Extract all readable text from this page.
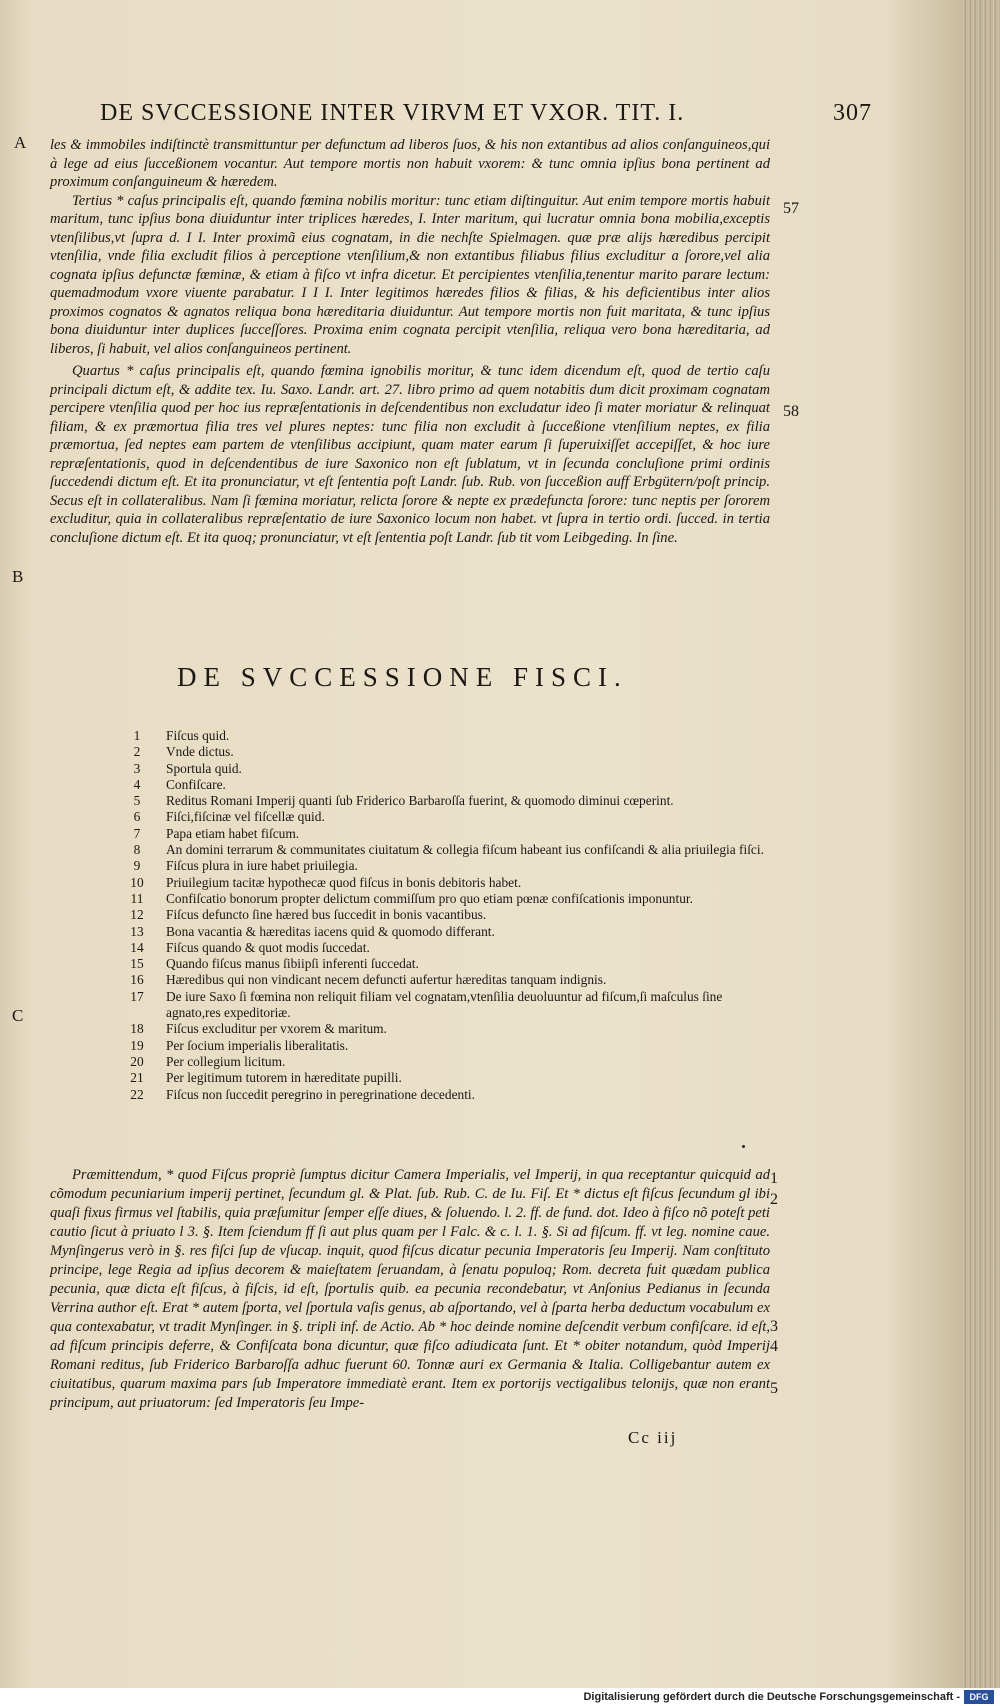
DE SVCCESSIONE INTER VIRVM ET VXOR. TIT. I.	307
A
B
C
57
58

les & immobiles indiſtinctè transmittuntur per defunctum ad liberos ſuos, & his non extantibus ad alios conſanguineos,qui à lege ad eius ſucceßionem vocantur. Aut tempore mortis non habuit vxorem: & tunc omnia ipſius bona pertinent ad proximum conſanguineum & hæredem.

Tertius * caſus principalis eſt, quando fœmina nobilis moritur: tunc etiam diſtinguitur. Aut enim tempore mortis habuit maritum, tunc ipſius bona diuiduntur inter triplices hæredes, I. Inter maritum, qui lucratur omnia bona mobilia,exceptis vtenſilibus,vt ſupra d. I I. Inter proximã eius cognatam, in die nechſte Spielmagen. quæ præ alijs hæredibus percipit vtenſilia, vnde filia excludit filios à perceptione vtenſilium,& non extantibus filiabus filius excluditur a ſorore,vel alia cognata ipſius defunctæ fœminæ, & etiam à fiſco vt infra dicetur. Et percipientes vtenſilia,tenentur marito parare lectum: quemadmodum vxore viuente parabatur. I I I. Inter legitimos hæredes filios & filias, & his deficientibus inter alios proximos cognatos & agnatos reliqua bona hæreditaria diuiduntur. Aut tempore mortis non fuit maritata, & tunc ipſius bona diuiduntur inter duplices ſucceſſores. Proxima enim cognata percipit vtenſilia, reliqua vero bona hæreditaria, ad liberos, ſi habuit, vel alios conſanguineos pertinent.

Quartus * caſus principalis eſt, quando fœmina ignobilis moritur, & tunc idem dicendum eſt, quod de tertio caſu principali dictum eſt, & addite tex. Iu. Saxo. Landr. art. 27. libro primo ad quem notabitis dum dicit proximam cognatam percipere vtenſilia quod per hoc ius repræſentationis in deſcendentibus non excludatur ideo ſi mater moriatur & relinquat filiam, & ex præmortua filia tres vel plures neptes: tunc filia non excludit à ſucceßione vtenſilium neptes, ex filia præmortua, ſed neptes eam partem de vtenſilibus accipiunt, quam mater earum ſi ſuperuixiſſet accepiſſet, & hoc iure repræſentationis, quod in deſcendentibus de iure Saxonico non eſt ſublatum, vt in ſecunda concluſione primi ordinis ſuccedendi dictum eſt. Et ita pronunciatur, vt eſt ſententia poſt Landr. ſub. Rub. von ſucceßion auff Erbgütern/poſt princip. Secus eſt in collateralibus. Nam ſi fœmina moriatur, relicta ſorore & nepte ex prædefuncta ſorore: tunc neptis per ſororem excluditur, quia in collateralibus repræſentatio de iure Saxonico locum non habet. vt ſupra in tertio ordi. ſucced. in tertia concluſione dictum eſt. Et ita quoq; pronunciatur, vt eſt ſententia poſt Landr. ſub tit vom Leibgeding. In ſine.

DE SVCCESSIONE FISCI.
1	Fiſcus quid.
2	Vnde dictus.
3	Sportula quid.
4	Confiſcare.
5	Reditus Romani Imperij quanti ſub Friderico Barbaroſſa fuerint, & quomodo diminui cœperint.
6	Fiſci,fiſcinæ vel fiſcellæ quid.
7	Papa etiam habet fiſcum.
8	An domini terrarum & communitates ciuitatum & collegia fiſcum habeant ius confiſcandi & alia priuilegia fiſci.
9	Fiſcus plura in iure habet priuilegia.
10	Priuilegium tacitæ hypothecæ quod fiſcus in bonis debitoris habet.
11	Confiſcatio bonorum propter delictum commiſſum pro quo etiam pœnæ confiſcationis imponuntur.
12	Fiſcus defuncto ſine hæred bus ſuccedit in bonis vacantibus.
13	Bona vacantia & hæreditas iacens quid & quomodo differant.
14	Fiſcus quando & quot modis ſuccedat.
15	Quando fiſcus manus ſibiipſi inferenti ſuccedat.
16	Hæredibus qui non vindicant necem defuncti aufertur hæreditas tanquam indignis.
17	De iure Saxo ſi fœmina non reliquit filiam vel cognatam,vtenſilia deuoluuntur ad fiſcum,ſi maſculus ſine agnato,res expeditoriæ.
18	Fiſcus excluditur per vxorem & maritum.
19	Per ſocium imperialis liberalitatis.
20	Per collegium licitum.
21	Per legitimum tutorem in hæreditate pupilli.
22	Fiſcus non ſuccedit peregrino in peregrinatione decedenti.
1
2
3
4
5

Præmittendum, * quod Fiſcus propriè ſumptus dicitur Camera Imperialis, vel Imperij, in qua receptantur quicquid ad cõmodum pecuniarium imperij pertinet, ſecundum gl. & Plat. ſub. Rub. C. de Iu. Fiſ. Et * dictus eſt fiſcus ſecundum gl ibi quaſi fixus firmus vel ſtabilis, quia præſumitur ſemper eſſe diues, & ſoluendo. l. 2. ff. de fund. dot. Ideo à fiſco nõ poteſt peti cautio ſicut à priuato l 3. §. Item ſciendum ff ſi aut plus quam per l Falc. & c. l. 1. §. Si ad fiſcum. ff. vt leg. nomine caue. Mynſingerus verò in §. res fiſci ſup de vſucap. inquit, quod fiſcus dicatur pecunia Imperatoris ſeu Imperij. Nam conſtituto principe, lege Regia ad ipſius decorem & maieſtatem ſeruandam, à ſenatu populoq; Rom. decreta fuit quædam publica pecunia, quæ dicta eſt fiſcus, à fiſcis, id eſt, ſportulis quib. ea pecunia recondebatur, vt Anſonius Pedianus in ſecunda Verrina author eſt. Erat * autem ſporta, vel ſportula vaſis genus, ab aſportando, vel à ſparta herba deductum vocabulum ex qua contexabatur, vt tradit Mynſinger. in §. tripli inf. de Actio. Ab * hoc deinde nomine deſcendit verbum confiſcare. id eſt, ad fiſcum principis deferre, & Confiſcata bona dicuntur, quæ fiſco adiudicata ſunt. Et * obiter notandum, quòd Imperij Romani reditus, ſub Friderico Barbaroſſa adhuc fuerunt 60. Tonnæ auri ex Germania & Italia. Colligebantur autem ex ciuitatibus, quarum maxima pars ſub Imperatore immediatè erant. Item ex portorijs vectigalibus telonijs, quæ non erant principum, aut priuatorum: ſed Imperatoris ſeu Impe-

Cc iij
Digitalisierung gefördert durch die Deutsche Forschungsgemeinschaft -	DFG
